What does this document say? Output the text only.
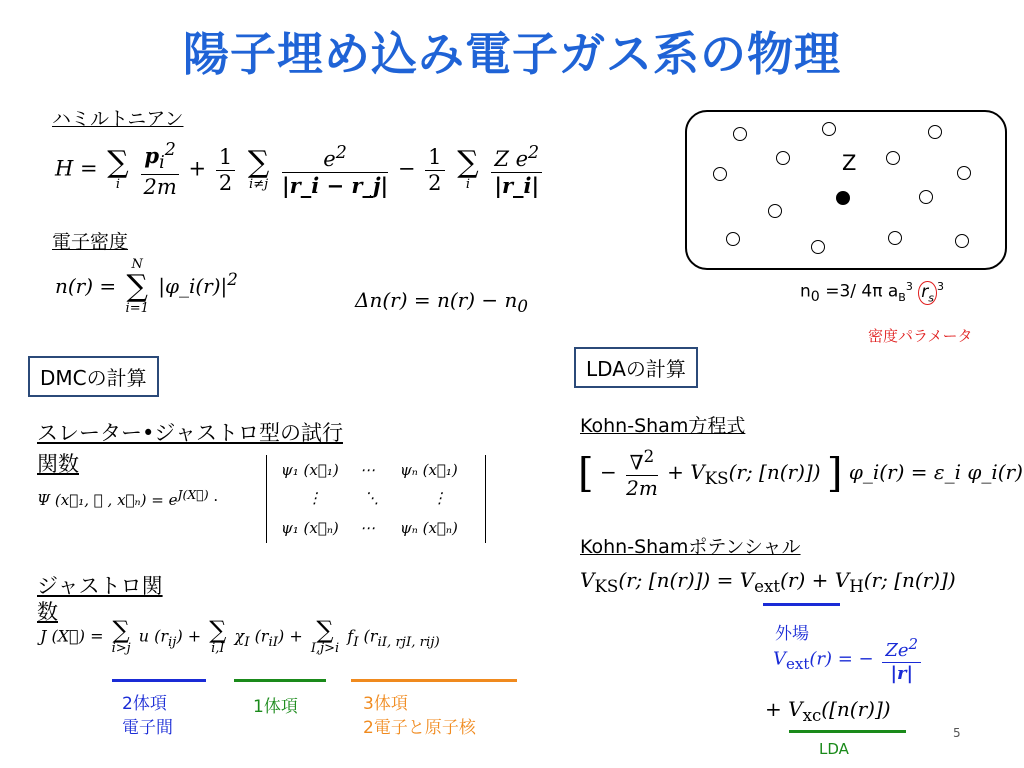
陽子埋め込み電子ガス系の物理
ハミルトニアン
H = ∑
i
	$\frac{p_i^2}{2m} + \frac{1}{2}$
∑
i≠j
$\frac{e^2}{|r\_i - r\_j|} - \frac{1}{2}$
∑
i
	$\frac{Z e^2}{|r\_i|}$
電子密度
n(r) =
N
∑
i=1
$|\varphi\_i(r)|^2$
$\Delta n(r) = n(r) - n_0$
Z
$n_0 =3/$ 4π $a_B^3$ $r_s^3$
密度パラメータ
DMCの計算
スレーター•ジャストロ型の試行
関数
Ψ (x⃗₁, ⋯ , x⃗ₙ) = $e^{J(X⃗)}$ ·
ψ₁ (x⃗₁) ⋯ ψₙ (x⃗₁)
⋮	⋱	⋮
ψ₁ (x⃗ₙ) ⋯ ψₙ (x⃗ₙ)
ジャストロ関
数
J (X⃗) = ∑
i>j
u $(r_{ij})$ + ∑
i,I
$\chi_I$ $(r_{iI})$ + ∑
I,j>i
$f_I$ ($r_{iI, rjI, rij)}$
2体項
電子間
1体項	3体項
2電子と原子核
LDAの計算
Kohn-Sham方程式
[ − $\frac{\nabla^2}{2m} + V_{KS}(r$; [n(r)]) ] φ_i(r) = ε_i φ_i(r)
Kohn-Shamポテンシャル
$V_{KS}(r$; $[n(r)]) = V_{ext}(r) + V_H(r$; [n(r)])
外場
$V_{ext}(r)$ = − $\frac{Ze^2}{|r|}$
+ $V_{xc}([n(r)])$
LDA
5
